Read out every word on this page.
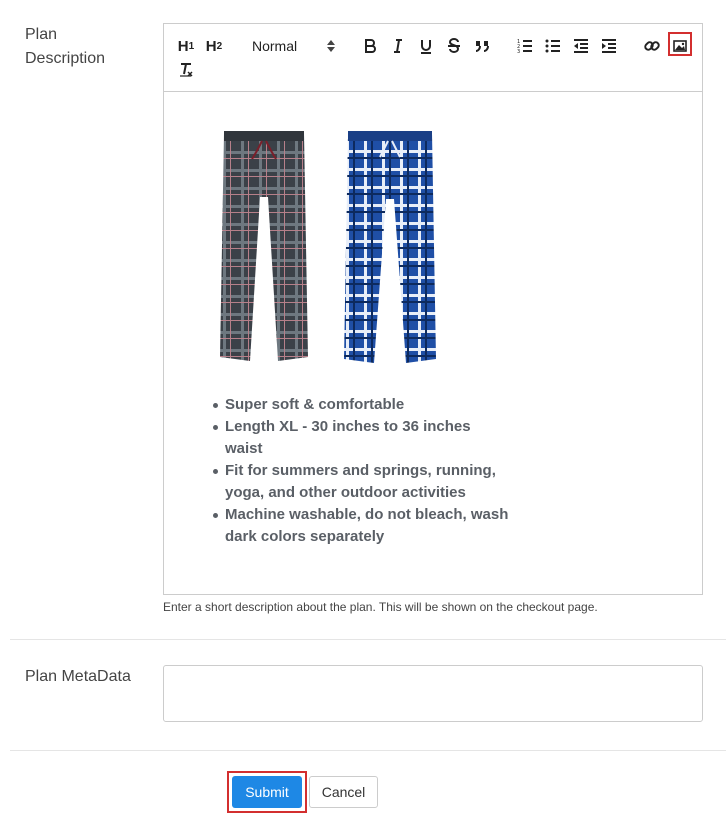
Plan
Description
H 1 H 2 Normal	1
2
3
Super soft & comfortable
Length XL - 30 inches to 36 inches waist
Fit for summers and springs, running, yoga, and other outdoor activities
Machine washable, do not bleach, wash dark colors separately
Enter a short description about the plan. This will be shown on the checkout page.
Plan MetaData
Submit	Cancel
